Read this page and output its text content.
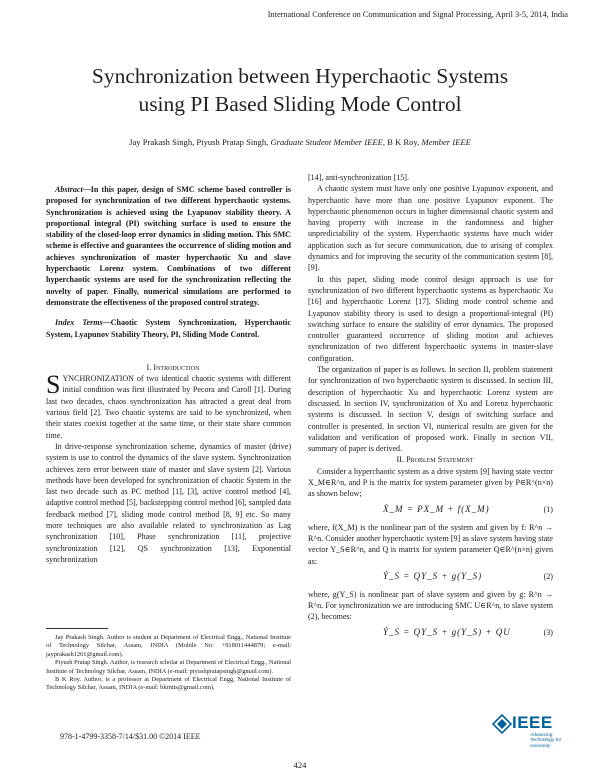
International Conference on Communication and Signal Processing, April 3-5, 2014, India
Synchronization between Hyperchaotic Systems
using PI Based Sliding Mode Control
Jay Prakash Singh, Piyush Pratap Singh, Graduate Student Member IEEE, B K Roy, Member IEEE

Abstract—In this paper, design of SMC scheme based controller is proposed for synchronization of two different hyperchaotic systems. Synchronization is achieved using the Lyapunov stability theory. A proportional integral (PI) switching surface is used to ensure the stability of the closed-loop error dynamics in sliding motion. This SMC scheme is effective and guarantees the occurrence of sliding motion and achieves synchronization of master hyperchaotic Xu and slave hyperchaotic Lorenz system. Combinations of two different hyperchaotic systems are used for the synchronization reflecting the novelty of paper. Finally, numerical simulations are performed to demonstrate the effectiveness of the proposed control strategy.

Index Terms—Chaotic System Synchronization, Hyperchaotic System, Lyapunov Stability Theory, PI, Sliding Mode Control.

I. Introduction

SYNCHRONIZATION of two identical chaotic systems with different initial condition was first illustrated by Pecora and Caroll [1]. During last two decades, chaos synchronization has attracted a great deal from various field [2]. Two chaotic systems are said to be synchronized, when their states coexist together at the same time, or their state share common time.

In drive-response synchronization scheme, dynamics of master (drive) system is use to control the dynamics of the slave system. Synchronization achieves zero error between state of master and slave system [2]. Various methods have been developed for synchronization of chaotic System in the last two decade such as PC method [1], [3], active control method [4], adaptive control method [5], backstepping control method [6], sampled data feedback method [7], sliding mode control method [8, 9] etc. So many more techniques are also available related to synchronization as Lag synchronization [10], Phase synchronization [11], projective synchronization [12], QS synchronization [13], Exponential synchronization

Jay Prakash Singh. Author is student at Department of Electrical Engg., National Institute of Technology Silchar, Assam, INDIA (Mobile No: +918011444879; e-mail: jayprakash1261@gmail.com).

Piyush Pratap Singh. Author, is research scholar at Department of Electrical Engg., National Institute of Technology Silchar, Assam, INDIA (e-mail: piyushpratapsingh@gmail.com).

B K Roy. Author, is a professor at Department of Electrical Engg, National Institute of Technology Silchar, Assam, INDIA (e-mail: bkrnits@gmail.com).

[14], anti-synchronization [15].

A chaotic system must have only one positive Lyapunov exponent, and hyperchaotic have more than one positive Lyapunov exponent. The hyperchaotic phenomenon occurs in higher dimensional chaotic system and having property with increase in the randomness and higher unpredictability of the system. Hyperchaotic systems have much wider application such as for secure communication, due to arising of complex dynamics and for improving the security of the communication system [8], [9].

In this paper, sliding mode control design approach is use for synchronization of two different hyperchaotic systems as hyperchaotic Xu [16] and hyperchaotic Lorenz [17]. Sliding mode control scheme and Lyapunov stability theory is used to design a proportional-integral (PI) switching surface to ensure the stability of error dynamics. The proposed controller guaranteed occurrence of sliding motion and achieves synchronization of two different hyperchaotic systems in master-slave configuration.

The organization of paper is as follows. In section II, problem statement for synchronization of two hyperchaotic system is discussed. In section III, description of hyperchaotic Xu and hyperchaotic Lorenz system are discussed. In section IV, synchronization of Xu and Lorenz hyperchaotic systems is discussed. In section V, design of switching surface and controller is presented. In section VI, numerical results are given for the validation and verification of proposed work. Finally in section VII, summary of paper is derived.

II. Problem Statement

Consider a hyperchaotic system as a drive system [9] having state vector X_M∈R^n, and P is the matrix for system parameter given by P∈R^(n×n) as shown below;

Ẋ_M = PX_M + f(X_M)	(1)

where, f(X_M) is the nonlinear part of the system and given by f: R^n → R^n. Consider another hyperchaotic system [9] as slave system having state vector Y_S∈R^n, and Q is matrix for system parameter Q∈R^(n×n) given as:

Ẏ_S = QY_S + g(Y_S)	(2)

where, g(Y_S) is nonlinear part of slave system and given by g: R^n → R^n. For synchronization we are introducing SMC U∈R^n, to slave system (2), becomes:

Ẏ_S = QY_S + g(Y_S) + QU	(3)
978-1-4799-3358-7/14/$31.00 ©2014 IEEE
IEEE
Advancing Technology for Humanity
424
